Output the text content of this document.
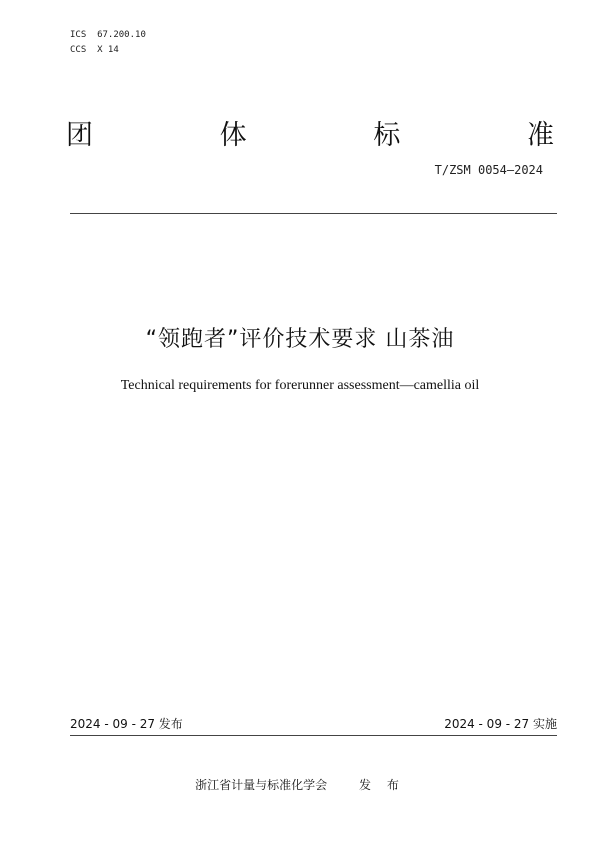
ICS  67.200.10
CCS  X 14
团	体	标	准
T/ZSM 0054—2024
“领跑者”评价技术要求 山茶油
Technical requirements for forerunner assessment—camellia oil
2024 - 09 - 27 发布	2024 - 09 - 27 实施
浙江省计量与标准化学会	发 布
